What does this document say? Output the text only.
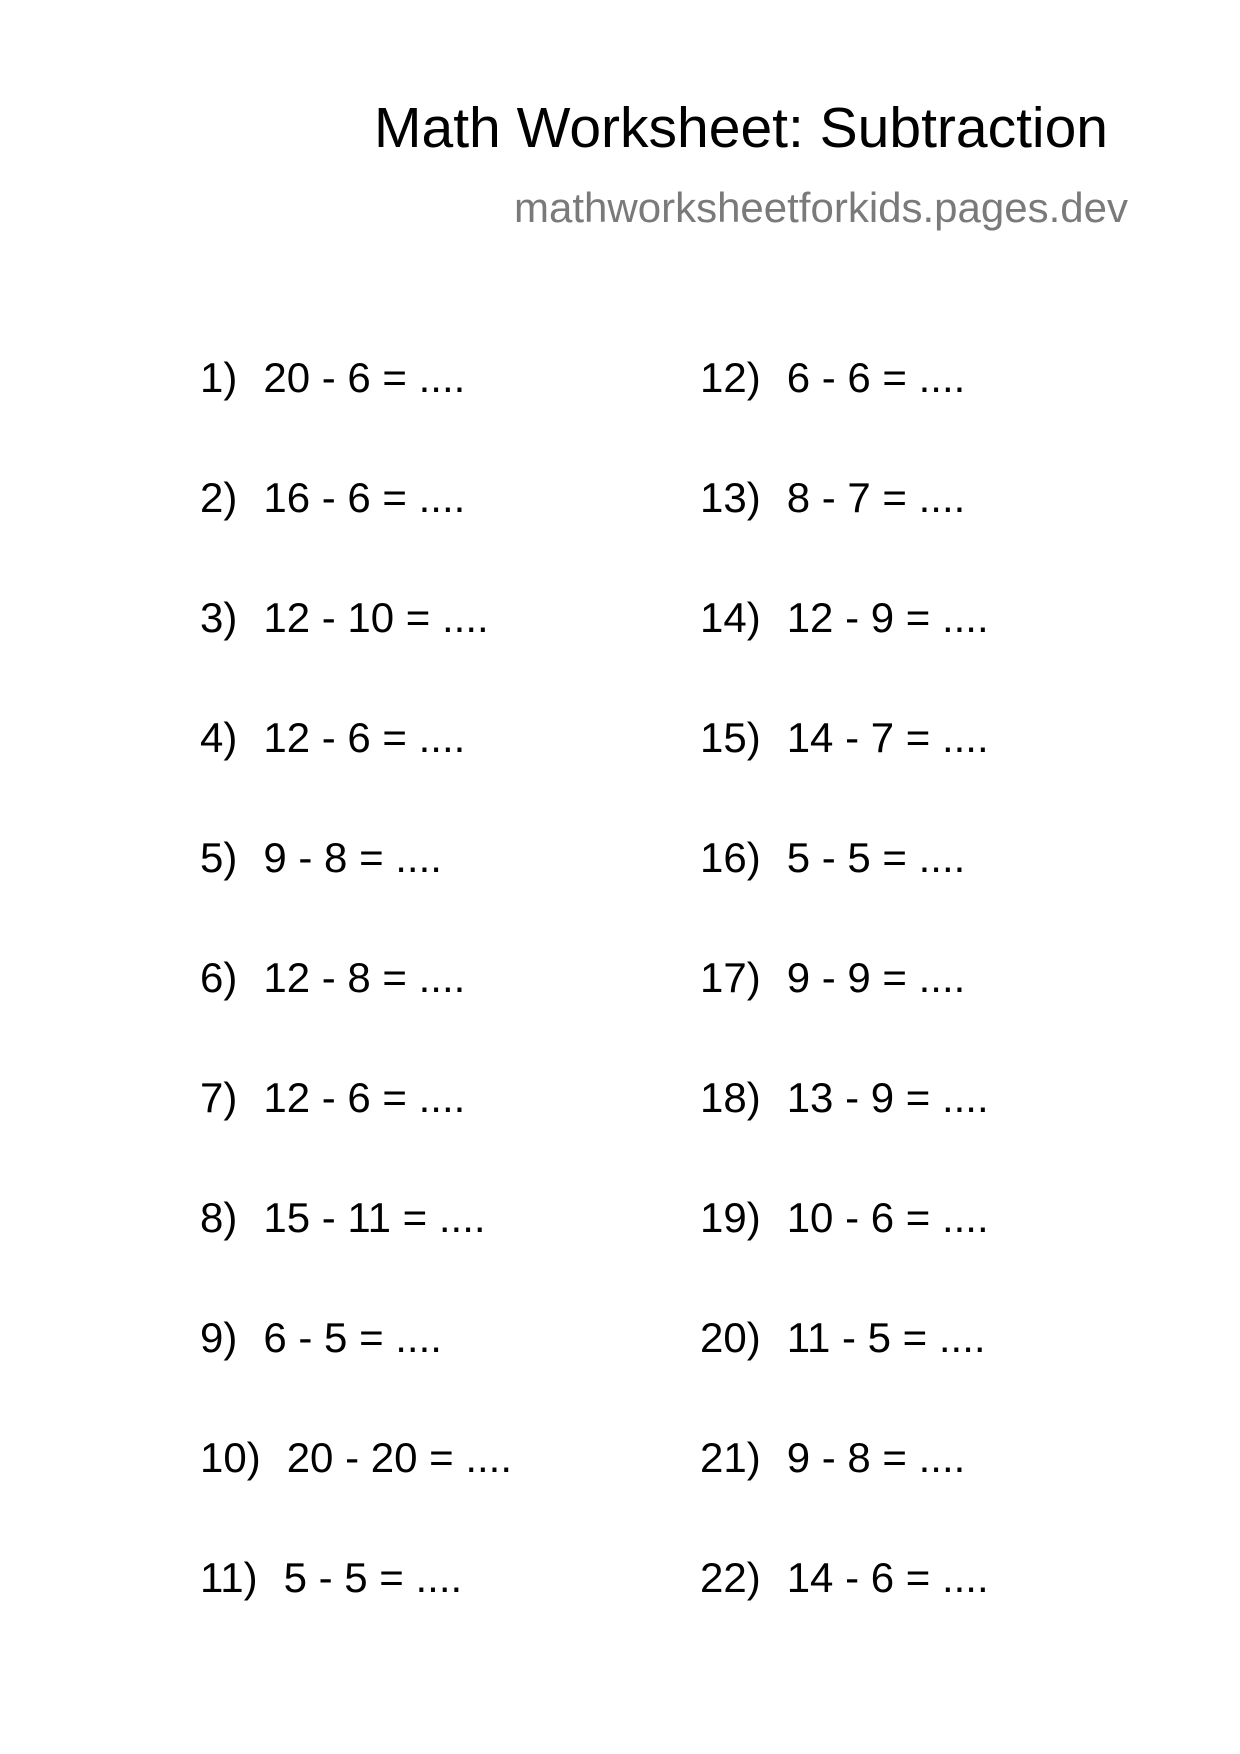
Math Worksheet: Subtraction
mathworksheetforkids.pages.dev
1) 20 - 6 = ....
2) 16 - 6 = ....
3) 12 - 10 = ....
4) 12 - 6 = ....
5) 9 - 8 = ....
6) 12 - 8 = ....
7) 12 - 6 = ....
8) 15 - 11 = ....
9) 6 - 5 = ....
10) 20 - 20 = ....
11) 5 - 5 = ....
12) 6 - 6 = ....
13) 8 - 7 = ....
14) 12 - 9 = ....
15) 14 - 7 = ....
16) 5 - 5 = ....
17) 9 - 9 = ....
18) 13 - 9 = ....
19) 10 - 6 = ....
20) 11 - 5 = ....
21) 9 - 8 = ....
22) 14 - 6 = ....
